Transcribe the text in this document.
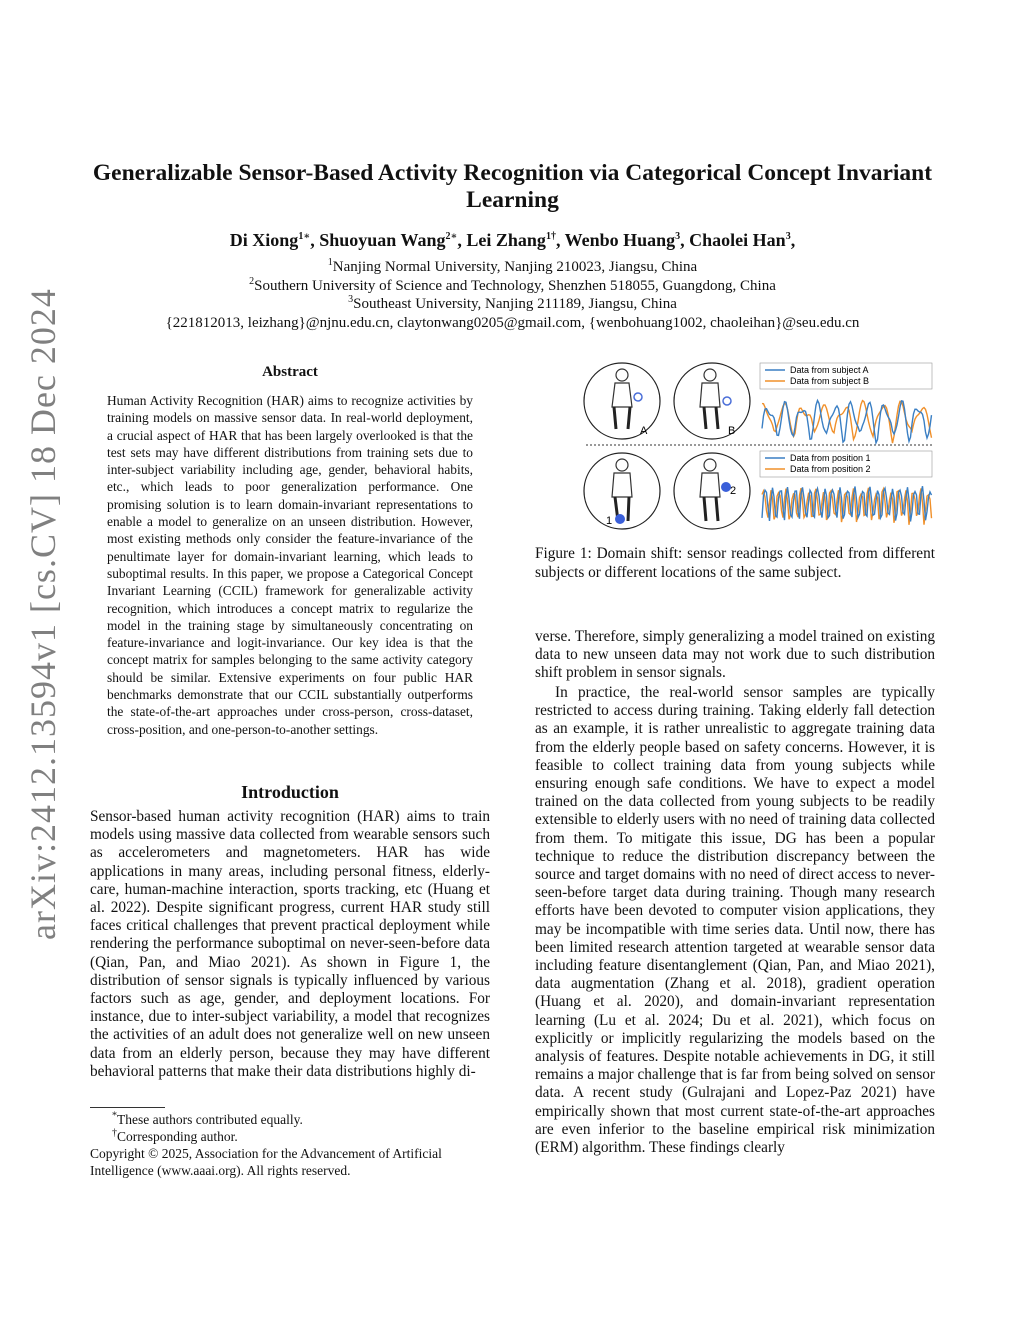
arXiv:2412.13594v1 [cs.CV] 18 Dec 2024
Generalizable Sensor-Based Activity Recognition via Categorical Concept Invariant Learning
Di Xiong$^{1∗}$, Shuoyuan Wang$^{2∗}$, Lei Zhang$^{1\dagger}$, Wenbo Huang$^3$, Chaolei Han$^3$,
$^1$Nanjing Normal University, Nanjing 210023, Jiangsu, China
$^2$Southern University of Science and Technology, Shenzhen 518055, Guangdong, China
$^3$Southeast University, Nanjing 211189, Jiangsu, China
{221812013, leizhang}@njnu.edu.cn, claytonwang0205@gmail.com, {wenbohuang1002, chaoleihan}@seu.edu.cn
Abstract

Human Activity Recognition (HAR) aims to recognize activities by training models on massive sensor data. In real-world deployment, a crucial aspect of HAR that has been largely overlooked is that the test sets may have different distributions from training sets due to inter-subject variability including age, gender, behavioral habits, etc., which leads to poor generalization performance. One promising solution is to learn domain-invariant representations to enable a model to generalize on an unseen distribution. However, most existing methods only consider the feature-invariance of the penultimate layer for domain-invariant learning, which leads to suboptimal results. In this paper, we propose a Categorical Concept Invariant Learning (CCIL) framework for generalizable activity recognition, which introduces a concept matrix to regularize the model in the training stage by simultaneously concentrating on feature-invariance and logit-invariance. Our key idea is that the concept matrix for samples belonging to the same activity category should be similar. Extensive experiments on four public HAR benchmarks demonstrate that our CCIL substantially outperforms the state-of-the-art approaches under cross-person, cross-dataset, cross-position, and one-person-to-another settings.

Introduction

Sensor-based human activity recognition (HAR) aims to train models using massive data collected from wearable sensors such as accelerometers and magnetometers. HAR has wide applications in many areas, including personal fitness, elderly-care, human-machine interaction, sports tracking, etc (Huang et al. 2022). Despite significant progress, current HAR study still faces critical challenges that prevent practical deployment while rendering the performance suboptimal on never-seen-before data (Qian, Pan, and Miao 2021). As shown in Figure 1, the distribution of sensor signals is typically influenced by various factors such as age, gender, and deployment locations. For instance, due to inter-subject variability, a model that recognizes the activities of an adult does not generalize well on new unseen data from an elderly person, because they may have different behavioral patterns that make their data distributions highly di-

*These authors contributed equally.

†Corresponding author.

Copyright © 2025, Association for the Advancement of Artificial Intelligence (www.aaai.org). All rights reserved.

A	B
1
2
Data from subject A
Data from subject B
Data from position 1
Data from position 2

Figure 1: Domain shift: sensor readings collected from different subjects or different locations of the same subject.

verse. Therefore, simply generalizing a model trained on existing data to new unseen data may not work due to such distribution shift problem in sensor signals.

In practice, the real-world sensor samples are typically restricted to access during training. Taking elderly fall detection as an example, it is rather unrealistic to aggregate training data from the elderly people based on safety concerns. However, it is feasible to collect training data from young subjects while ensuring enough safe conditions. We have to expect a model trained on the data collected from young subjects to be readily extensible to elderly users with no need of training data collected from them. To mitigate this issue, DG has been a popular technique to reduce the distribution discrepancy between the source and target domains with no need of direct access to never-seen-before target data during training. Though many research efforts have been devoted to computer vision applications, they may be incompatible with time series data. Until now, there has been limited research attention targeted at wearable sensor data including feature disentanglement (Qian, Pan, and Miao 2021), data augmentation (Zhang et al. 2018), gradient operation (Huang et al. 2020), and domain-invariant representation learning (Lu et al. 2024; Du et al. 2021), which focus on explicitly or implicitly regularizing the models based on the analysis of features. Despite notable achievements in DG, it still remains a major challenge that is far from being solved on sensor data. A recent study (Gulrajani and Lopez-Paz 2021) have empirically shown that most current state-of-the-art approaches are even inferior to the baseline empirical risk minimization (ERM) algorithm. These findings clearly
